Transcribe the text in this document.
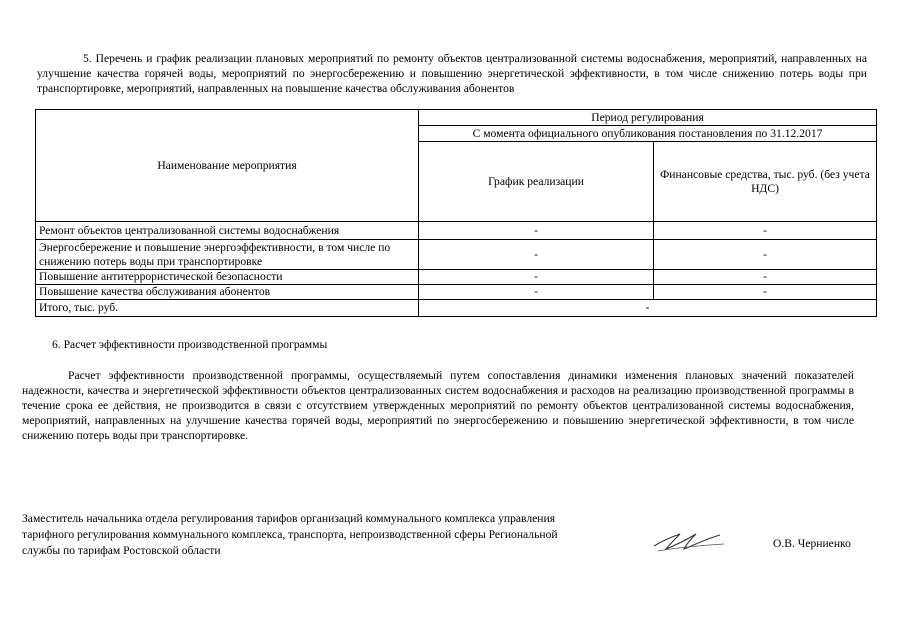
5. Перечень и график реализации плановых мероприятий по ремонту объектов централизованной системы водоснабжения, мероприятий, направленных на улучшение качества горячей воды, мероприятий по энергосбережению и повышению энергетической эффективности, в том числе снижению потерь воды при транспортировке, мероприятий, направленных на повышение качества обслуживания абонентов
Наименование мероприятия	Период регулирования	
	С момента официального опубликования постановления по 31.12.2017	
	График реализации	Финансовые средства, тыс. руб. (без учета НДС)
Ремонт объектов централизованной системы водоснабжения	-	-
Энергосбережение и повышение энергоэффективности, в том числе по снижению потерь воды при транспортировке	-	-
Повышение антитеррористической безопасности	-	-
Повышение качества обслуживания абонентов	-	-
Итого, тыс. руб.	-	
6. Расчет эффективности производственной программы
Расчет эффективности производственной программы, осуществляемый путем сопоставления динамики изменения плановых значений показателей надежности, качества и энергетической эффективности объектов централизованных систем водоснабжения и расходов на реализацию производственной программы в течение срока ее действия, не производится в связи с отсутствием утвержденных мероприятий по ремонту объектов централизованной системы водоснабжения, мероприятий, направленных на улучшение качества горячей воды, мероприятий по энергосбережению и повышению энергетической эффективности, в том числе снижению потерь воды при транспортировке.
Заместитель начальника отдела регулирования тарифов организаций коммунального комплекса управления тарифного регулирования коммунального комплекса, транспорта, непроизводственной сферы Региональной службы по тарифам Ростовской области
О.В. Черниенко
